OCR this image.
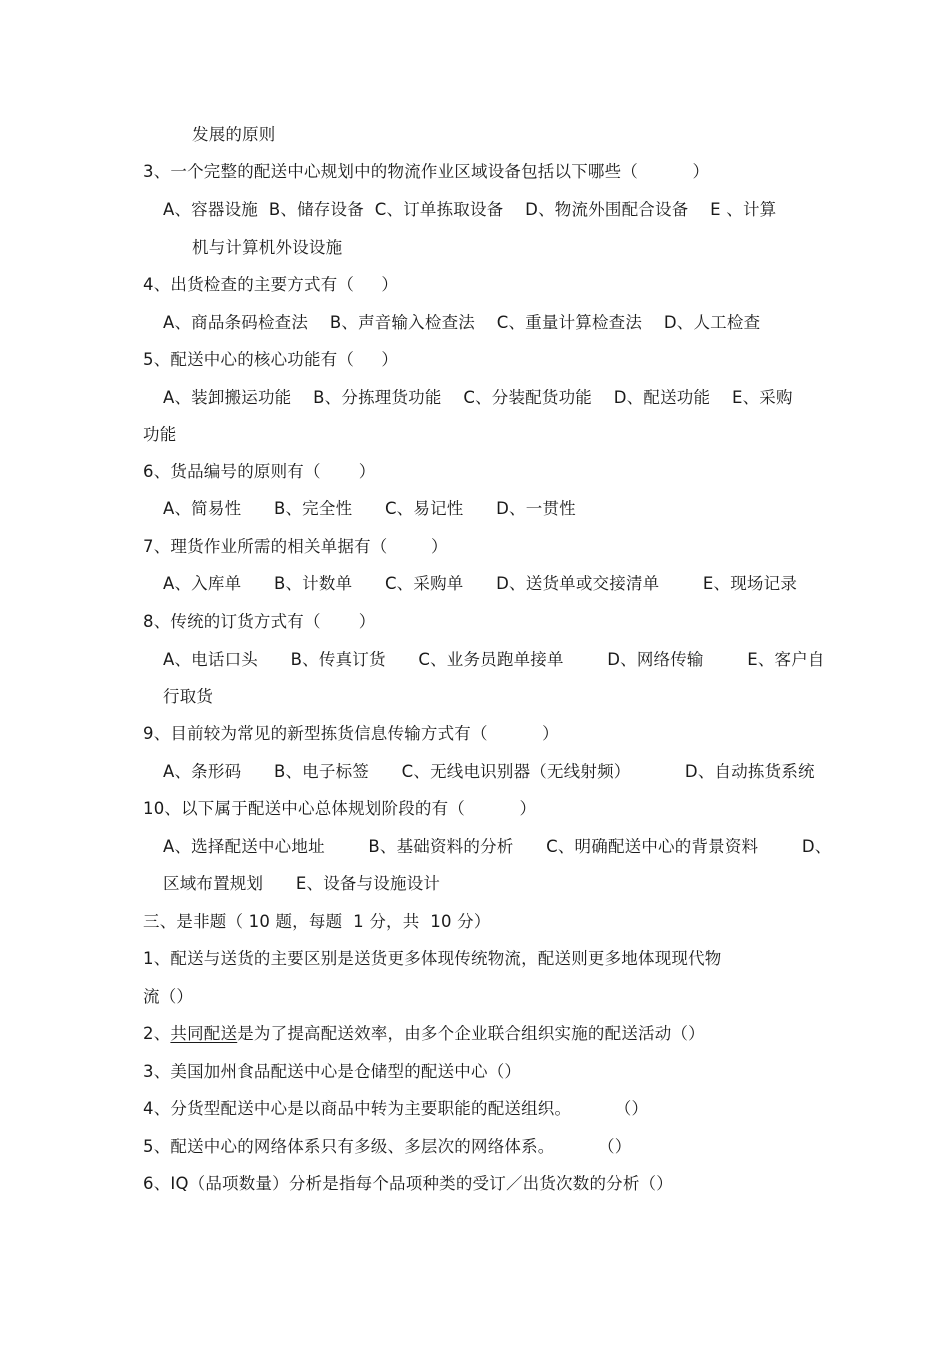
发展的原则
3、一个完整的配送中心规划中的物流作业区域设备包括以下哪些（          ）
A、容器设施  B、储存设备  C、订单拣取设备    D、物流外围配合设备    E 、计算
机与计算机外设设施
4、出货检查的主要方式有（     ）
A、商品条码检查法    B、声音输入检查法    C、重量计算检查法    D、人工检查
5、配送中心的核心功能有（     ）
A、装卸搬运功能    B、分拣理货功能    C、分装配货功能    D、配送功能    E、采购
功能
6、货品编号的原则有（       ）
A、简易性      B、完全性      C、易记性      D、一贯性
7、理货作业所需的相关单据有（        ）
A、入库单      B、计数单      C、采购单      D、送货单或交接清单        E、现场记录
8、传统的订货方式有（       ）
A、电话口头      B、传真订货      C、业务员跑单接单        D、网络传输        E、客户自
行取货
9、目前较为常见的新型拣货信息传输方式有（          ）
A、条形码      B、电子标签      C、无线电识别器（无线射频）          D、自动拣货系统
10、以下属于配送中心总体规划阶段的有（          ）
A、选择配送中心地址        B、基础资料的分析      C、明确配送中心的背景资料        D、
区域布置规划      E、设备与设施设计
三、是非题（ 10 题，每题  1 分，共  10 分）
1、配送与送货的主要区别是送货更多体现传统物流，配送则更多地体现现代物
流（）
2、共同配送是为了提高配送效率，由多个企业联合组织实施的配送活动（）
3、美国加州食品配送中心是仓储型的配送中心（）
4、分货型配送中心是以商品中转为主要职能的配送组织。        （）
5、配送中心的网络体系只有多级、多层次的网络体系。        （）
6、IQ（品项数量）分析是指每个品项种类的受订／出货次数的分析（）
